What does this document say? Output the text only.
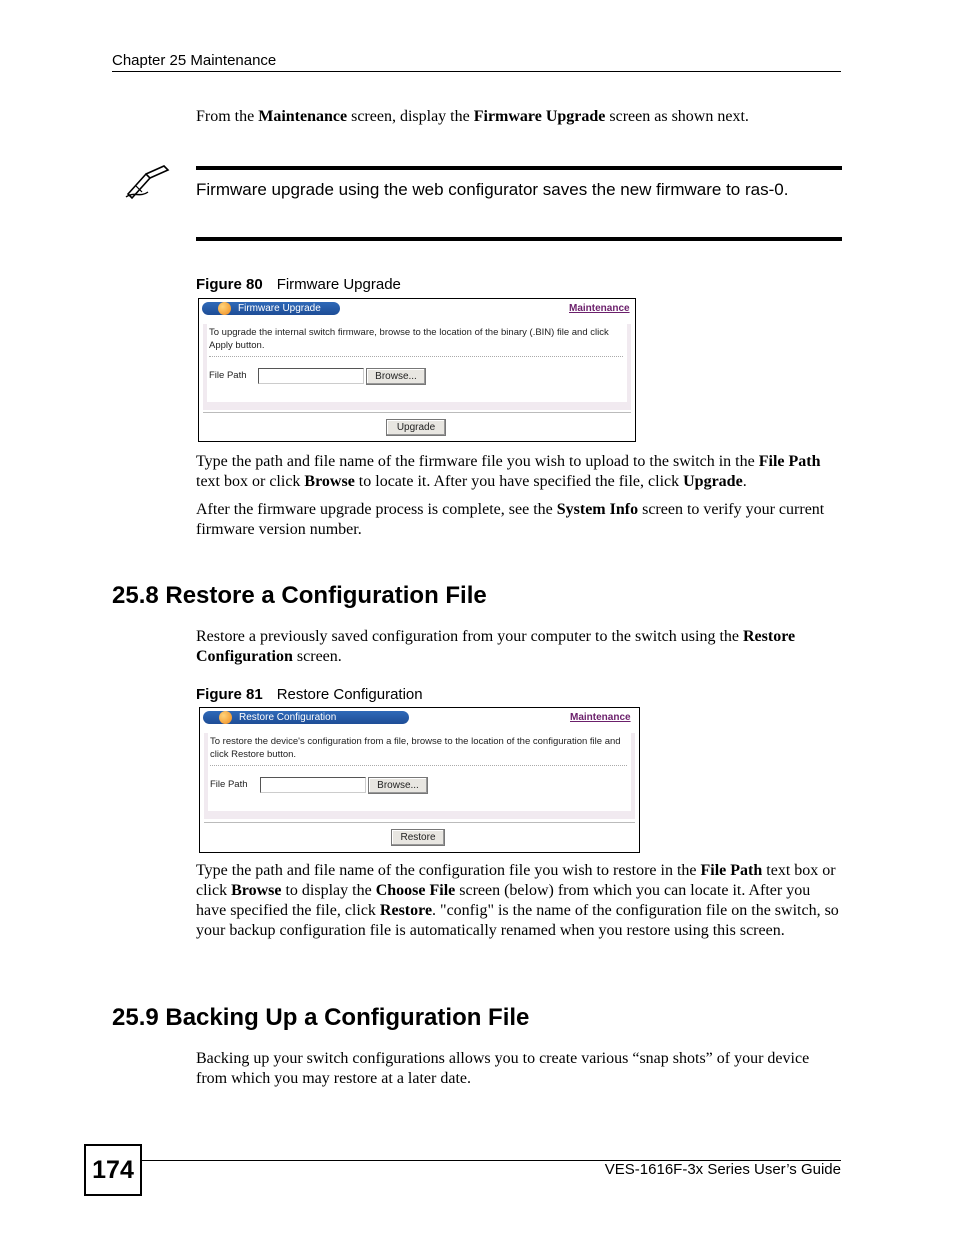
Chapter 25 Maintenance
From the Maintenance screen, display the Firmware Upgrade screen as shown next.
Firmware upgrade using the web configurator saves the new firmware to ras-0.
Figure 80 Firmware Upgrade
Firmware Upgrade	Maintenance
To upgrade the internal switch firmware, browse to the location of the binary (.BIN) file and click Apply button.
File Path	Browse...
Upgrade
Type the path and file name of the firmware file you wish to upload to the switch in the File Path text box or click Browse to locate it. After you have specified the file, click Upgrade.
After the firmware upgrade process is complete, see the System Info screen to verify your current firmware version number.
25.8 Restore a Configuration File
Restore a previously saved configuration from your computer to the switch using the Restore Configuration screen.
Figure 81 Restore Configuration
Restore Configuration	Maintenance
To restore the device's configuration from a file, browse to the location of the configuration file and click Restore button.
File Path	Browse...
Restore
Type the path and file name of the configuration file you wish to restore in the File Path text box or click Browse to display the Choose File screen (below) from which you can locate it. After you have specified the file, click Restore. "config" is the name of the configuration file on the switch, so your backup configuration file is automatically renamed when you restore using this screen.
25.9 Backing Up a Configuration File
Backing up your switch configurations allows you to create various “snap shots” of your device from which you may restore at a later date.
174	VES-1616F-3x Series User’s Guide
